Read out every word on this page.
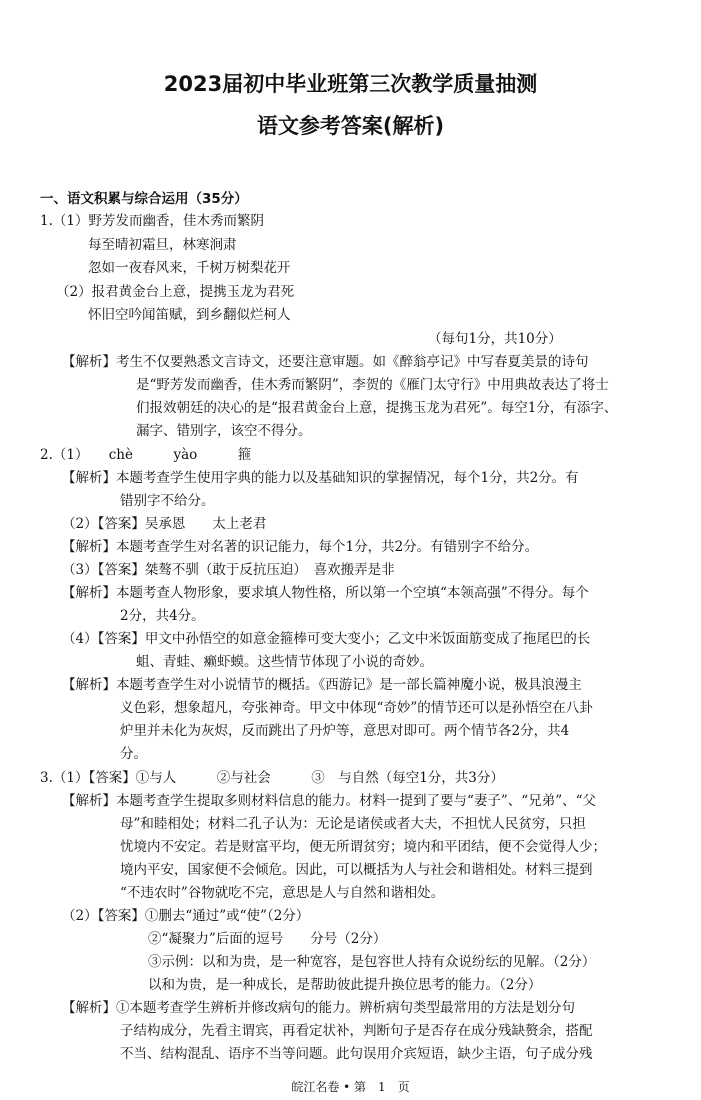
2023届初中毕业班第三次教学质量抽测
语文参考答案(解析)
一、语文积累与综合运用（35分）
1.（1）野芳发而幽香，佳木秀而繁阴
每至晴初霜旦，林寒涧肃
忽如一夜春风来，千树万树梨花开
（2）报君黄金台上意，提携玉龙为君死
怀旧空吟闻笛赋，到乡翻似烂柯人
（每句1分，共10分）
【解析】考生不仅要熟悉文言诗文，还要注意审题。如《醉翁亭记》中写春夏美景的诗句
是“野芳发而幽香，佳木秀而繁阴”，李贺的《雁门太守行》中用典故表达了将士
们报效朝廷的决心的是“报君黄金台上意，提携玉龙为君死”。每空1分，有添字、
漏字、错别字，该空不得分。
2.（1）　　chè　　　yào　　　箍
【解析】本题考查学生使用字典的能力以及基础知识的掌握情况，每个1分，共2分。有
错别字不给分。
（2）【答案】吴承恩　　太上老君
【解析】本题考查学生对名著的识记能力，每个1分，共2分。有错别字不给分。
（3）【答案】桀骜不驯（敢于反抗压迫）　喜欢搬弄是非
【解析】本题考查人物形象，要求填人物性格，所以第一个空填“本领高强”不得分。每个
2分，共4分。
（4）【答案】甲文中孙悟空的如意金箍棒可变大变小；乙文中米饭面筋变成了拖尾巴的长
蛆、青蛙、癞虾蟆。这些情节体现了小说的奇妙。
【解析】本题考查学生对小说情节的概括。《西游记》是一部长篇神魔小说，极具浪漫主
义色彩，想象超凡，夸张神奇。甲文中体现“奇妙”的情节还可以是孙悟空在八卦
炉里并未化为灰烬，反而跳出了丹炉等，意思对即可。两个情节各2分，共4
分。
3.（1）【答案】①与人　　　②与社会　　　③　与自然（每空1分，共3分）
【解析】本题考查学生提取多则材料信息的能力。材料一提到了要与“妻子”、“兄弟”、“父
母”和睦相处；材料二孔子认为：无论是诸侯或者大夫，不担忧人民贫穷，只担
忧境内不安定。若是财富平均，便无所谓贫穷；境内和平团结，便不会觉得人少；
境内平安，国家便不会倾危。因此，可以概括为人与社会和谐相处。材料三提到
“不违农时”谷物就吃不完，意思是人与自然和谐相处。
（2）【答案】①删去“通过”或“使”（2分）
②“凝聚力”后面的逗号　　分号（2分）
③示例：以和为贵，是一种宽容，是包容世人持有众说纷纭的见解。（2分）
以和为贵，是一种成长，是帮助彼此提升换位思考的能力。（2分）
【解析】①本题考查学生辨析并修改病句的能力。辨析病句类型最常用的方法是划分句
子结构成分，先看主谓宾，再看定状补，判断句子是否存在成分残缺赘余，搭配
不当、结构混乱、语序不当等问题。此句误用介宾短语，缺少主语，句子成分残
皖江名卷 • 第　1　页
